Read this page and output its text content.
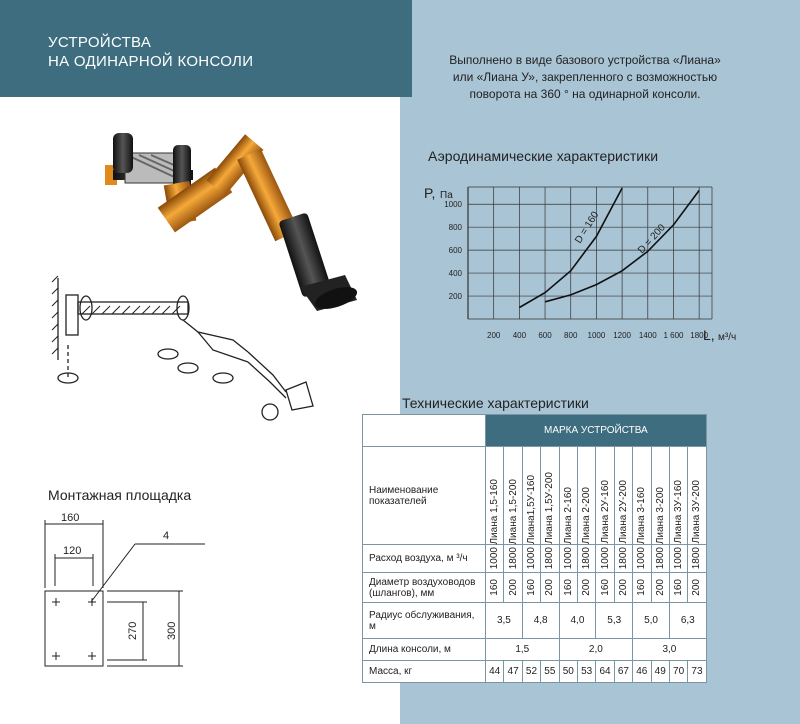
УСТРОЙСТВА
НА ОДИНАРНОЙ КОНСОЛИ	Выполнено в виде базового устройства «Лиана»
или «Лиана У», закрепленного с возможностью
поворота на 360 ° на одинарной консоли.
Аэродинамические характеристики
P, Па
1000
800
600
400
200
200 400 600 800 1000 1200 1400 1 600 1800
D = 160	D = 200
L, м³/ч
Технические характеристики
	МАРКА УСТРОЙСТВА											
Наименование показателей	Лиана 1,5-160	Лиана 1,5-200	Лиана1,5У-160	Лиана 1,5У-200	Лиана 2-160	Лиана 2-200	Лиана 2У-160	Лиана 2У-200	Лиана 3-160	Лиана 3-200	Лиана 3У-160	Лиана 3У-200

Расход воздуха, м ³/ч	1000	1800	1000	1800	1000	1800	1000	1800	1000	1800	1000	1800

Диаметр воздуховодов (шлангов), мм	160	200	160	200	160	200	160	200	160	200	160	200

Радиус обслуживания, м	3,5		4,8		4,0		5,3		5,0		6,3	
Длина консоли, м	1,5				2,0				3,0			
Масса, кг	44	47	52	55	50	53	64	67	46	49	70	73
Монтажная площадка
160
120
4
270 300
